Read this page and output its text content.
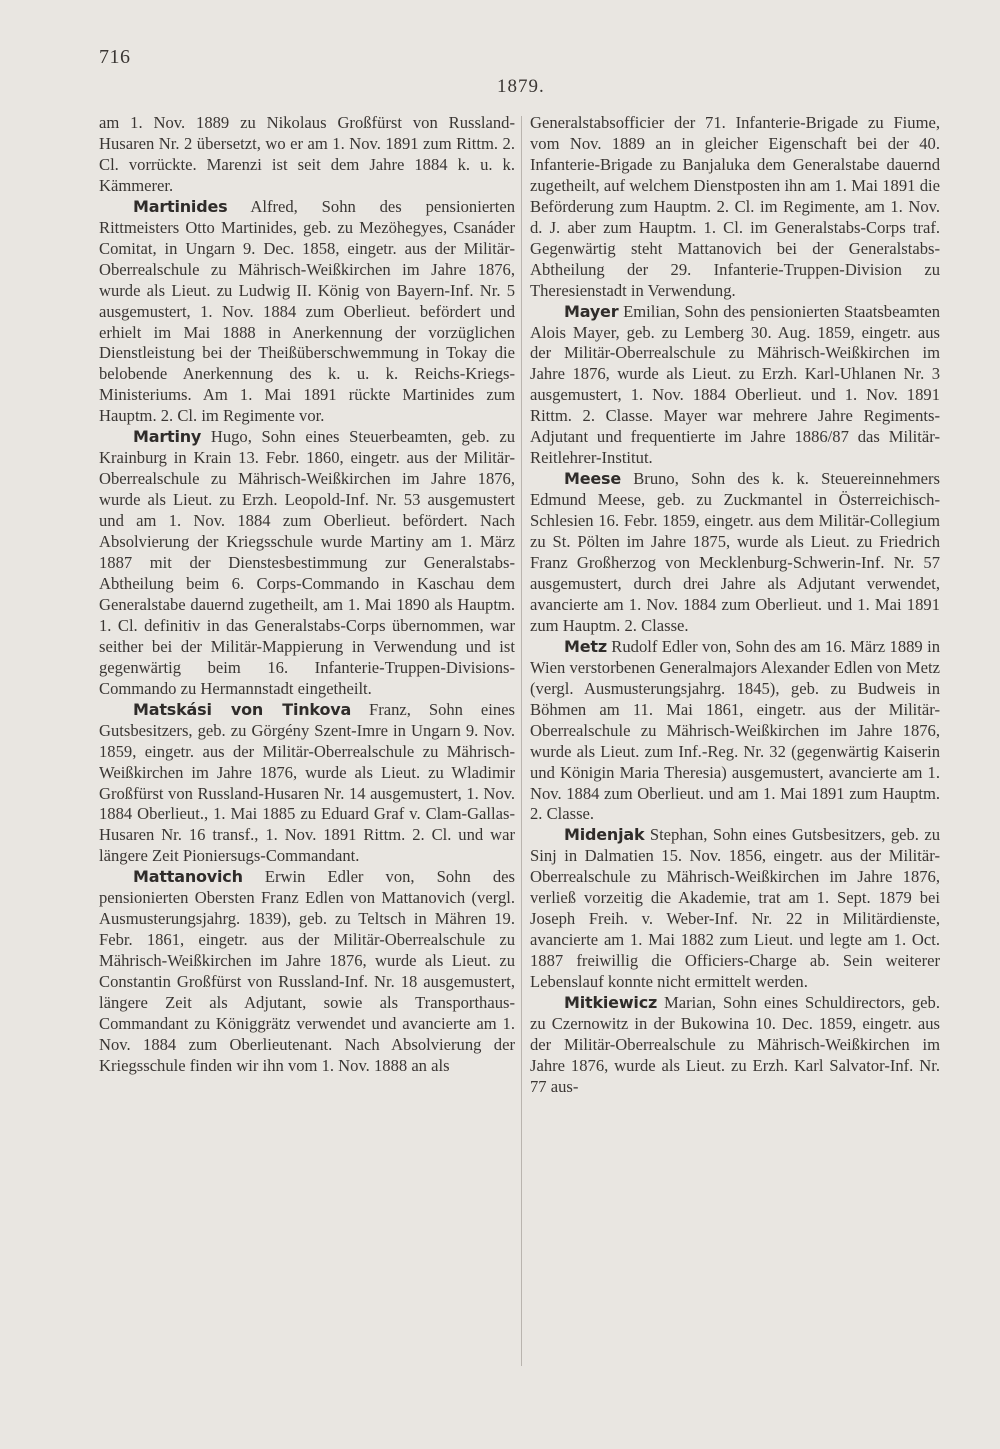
716
1879.

am 1. Nov. 1889 zu Nikolaus Großfürst von Russland-Husaren Nr. 2 übersetzt, wo er am 1. Nov. 1891 zum Rittm. 2. Cl. vorrückte. Marenzi ist seit dem Jahre 1884 k. u. k. Kämmerer.

Martinides Alfred, Sohn des pensionierten Rittmeisters Otto Martinides, geb. zu Mezöhegyes, Csanáder Comitat, in Ungarn 9. Dec. 1858, eingetr. aus der Militär-Oberrealschule zu Mährisch-Weißkirchen im Jahre 1876, wurde als Lieut. zu Ludwig II. König von Bayern-Inf. Nr. 5 ausgemustert, 1. Nov. 1884 zum Oberlieut. befördert und erhielt im Mai 1888 in Anerkennung der vorzüglichen Dienstleistung bei der Theißüberschwemmung in Tokay die belobende Anerkennung des k. u. k. Reichs-Kriegs-Ministeriums. Am 1. Mai 1891 rückte Martinides zum Hauptm. 2. Cl. im Regimente vor.

Martiny Hugo, Sohn eines Steuerbeamten, geb. zu Krainburg in Krain 13. Febr. 1860, eingetr. aus der Militär-Oberrealschule zu Mährisch-Weißkirchen im Jahre 1876, wurde als Lieut. zu Erzh. Leopold-Inf. Nr. 53 ausgemustert und am 1. Nov. 1884 zum Oberlieut. befördert. Nach Absolvierung der Kriegsschule wurde Martiny am 1. März 1887 mit der Dienstesbestimmung zur Generalstabs-Abtheilung beim 6. Corps-Commando in Kaschau dem Generalstabe dauernd zugetheilt, am 1. Mai 1890 als Hauptm. 1. Cl. definitiv in das Generalstabs-Corps übernommen, war seither bei der Militär-Mappierung in Verwendung und ist gegenwärtig beim 16. Infanterie-Truppen-Divisions-Commando zu Hermannstadt eingetheilt.

Matskási von Tinkova Franz, Sohn eines Gutsbesitzers, geb. zu Görgény Szent-Imre in Ungarn 9. Nov. 1859, eingetr. aus der Militär-Oberrealschule zu Mährisch-Weißkirchen im Jahre 1876, wurde als Lieut. zu Wladimir Großfürst von Russland-Husaren Nr. 14 ausgemustert, 1. Nov. 1884 Oberlieut., 1. Mai 1885 zu Eduard Graf v. Clam-Gallas-Husaren Nr. 16 transf., 1. Nov. 1891 Rittm. 2. Cl. und war längere Zeit Pioniersugs-Commandant.

Mattanovich Erwin Edler von, Sohn des pensionierten Obersten Franz Edlen von Mattanovich (vergl. Ausmusterungsjahrg. 1839), geb. zu Teltsch in Mähren 19. Febr. 1861, eingetr. aus der Militär-Oberrealschule zu Mährisch-Weißkirchen im Jahre 1876, wurde als Lieut. zu Constantin Großfürst von Russland-Inf. Nr. 18 ausgemustert, längere Zeit als Adjutant, sowie als Transporthaus-Commandant zu Königgrätz verwendet und avancierte am 1. Nov. 1884 zum Oberlieutenant. Nach Absolvierung der Kriegsschule finden wir ihn vom 1. Nov. 1888 an als

Generalstabsofficier der 71. Infanterie-Brigade zu Fiume, vom Nov. 1889 an in gleicher Eigenschaft bei der 40. Infanterie-Brigade zu Banjaluka dem Generalstabe dauernd zugetheilt, auf welchem Dienstposten ihn am 1. Mai 1891 die Beförderung zum Hauptm. 2. Cl. im Regimente, am 1. Nov. d. J. aber zum Hauptm. 1. Cl. im Generalstabs-Corps traf. Gegenwärtig steht Mattanovich bei der Generalstabs-Abtheilung der 29. Infanterie-Truppen-Division zu Theresienstadt in Verwendung.

Mayer Emilian, Sohn des pensionierten Staatsbeamten Alois Mayer, geb. zu Lemberg 30. Aug. 1859, eingetr. aus der Militär-Oberrealschule zu Mährisch-Weißkirchen im Jahre 1876, wurde als Lieut. zu Erzh. Karl-Uhlanen Nr. 3 ausgemustert, 1. Nov. 1884 Oberlieut. und 1. Nov. 1891 Rittm. 2. Classe. Mayer war mehrere Jahre Regiments-Adjutant und frequentierte im Jahre 1886/87 das Militär-Reitlehrer-Institut.

Meese Bruno, Sohn des k. k. Steuereinnehmers Edmund Meese, geb. zu Zuckmantel in Österreichisch-Schlesien 16. Febr. 1859, eingetr. aus dem Militär-Collegium zu St. Pölten im Jahre 1875, wurde als Lieut. zu Friedrich Franz Großherzog von Mecklenburg-Schwerin-Inf. Nr. 57 ausgemustert, durch drei Jahre als Adjutant verwendet, avancierte am 1. Nov. 1884 zum Oberlieut. und 1. Mai 1891 zum Hauptm. 2. Classe.

Metz Rudolf Edler von, Sohn des am 16. März 1889 in Wien verstorbenen Generalmajors Alexander Edlen von Metz (vergl. Ausmusterungsjahrg. 1845), geb. zu Budweis in Böhmen am 11. Mai 1861, eingetr. aus der Militär-Oberrealschule zu Mährisch-Weißkirchen im Jahre 1876, wurde als Lieut. zum Inf.-Reg. Nr. 32 (gegenwärtig Kaiserin und Königin Maria Theresia) ausgemustert, avancierte am 1. Nov. 1884 zum Oberlieut. und am 1. Mai 1891 zum Hauptm. 2. Classe.

Midenjak Stephan, Sohn eines Gutsbesitzers, geb. zu Sinj in Dalmatien 15. Nov. 1856, eingetr. aus der Militär-Oberrealschule zu Mährisch-Weißkirchen im Jahre 1876, verließ vorzeitig die Akademie, trat am 1. Sept. 1879 bei Joseph Freih. v. Weber-Inf. Nr. 22 in Militärdienste, avancierte am 1. Mai 1882 zum Lieut. und legte am 1. Oct. 1887 freiwillig die Officiers-Charge ab. Sein weiterer Lebenslauf konnte nicht ermittelt werden.

Mitkiewicz Marian, Sohn eines Schuldirectors, geb. zu Czernowitz in der Bukowina 10. Dec. 1859, eingetr. aus der Militär-Oberrealschule zu Mährisch-Weißkirchen im Jahre 1876, wurde als Lieut. zu Erzh. Karl Salvator-Inf. Nr. 77 aus-
